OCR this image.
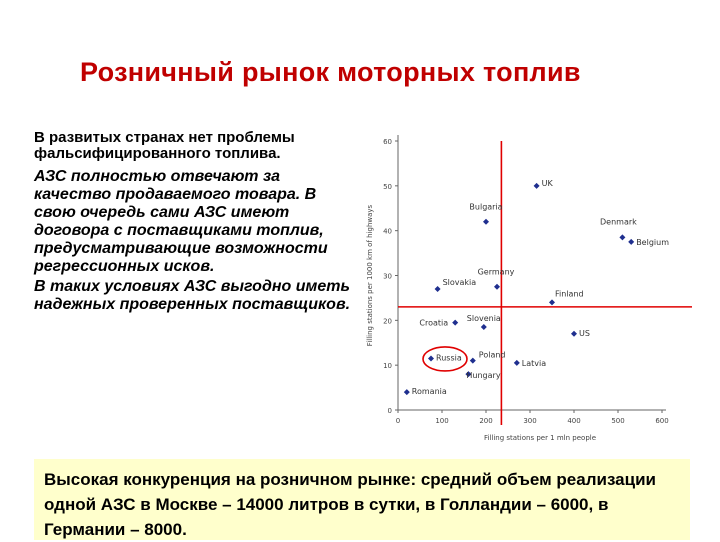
Розничный рынок моторных топлив

В развитых странах нет проблемы фальсифицированного топлива.

АЗС полностью отвечают за качество продаваемого товара. В свою очередь сами АЗС имеют договора с поставщиками топлив, предусматривающие возможности регрессионных исков.

В таких условиях АЗС выгодно иметь надежных проверенных поставщиков.

0	100	200	300	400	500	600
0
10
20
30
40
50
60
UK
Bulgaria
Denmark
Belgium
Germany
Slovakia
Finland
Croatia
Slovenia
US
Russia Poland
Latvia
Hungary
Romania
Filling stations per 1 mln people
Filling stations per 1000 km of highways
Высокая конкуренция на розничном рынке: средний объем реализации одной АЗС в Москве – 14000 литров в сутки, в Голландии – 6000, в Германии – 8000.
